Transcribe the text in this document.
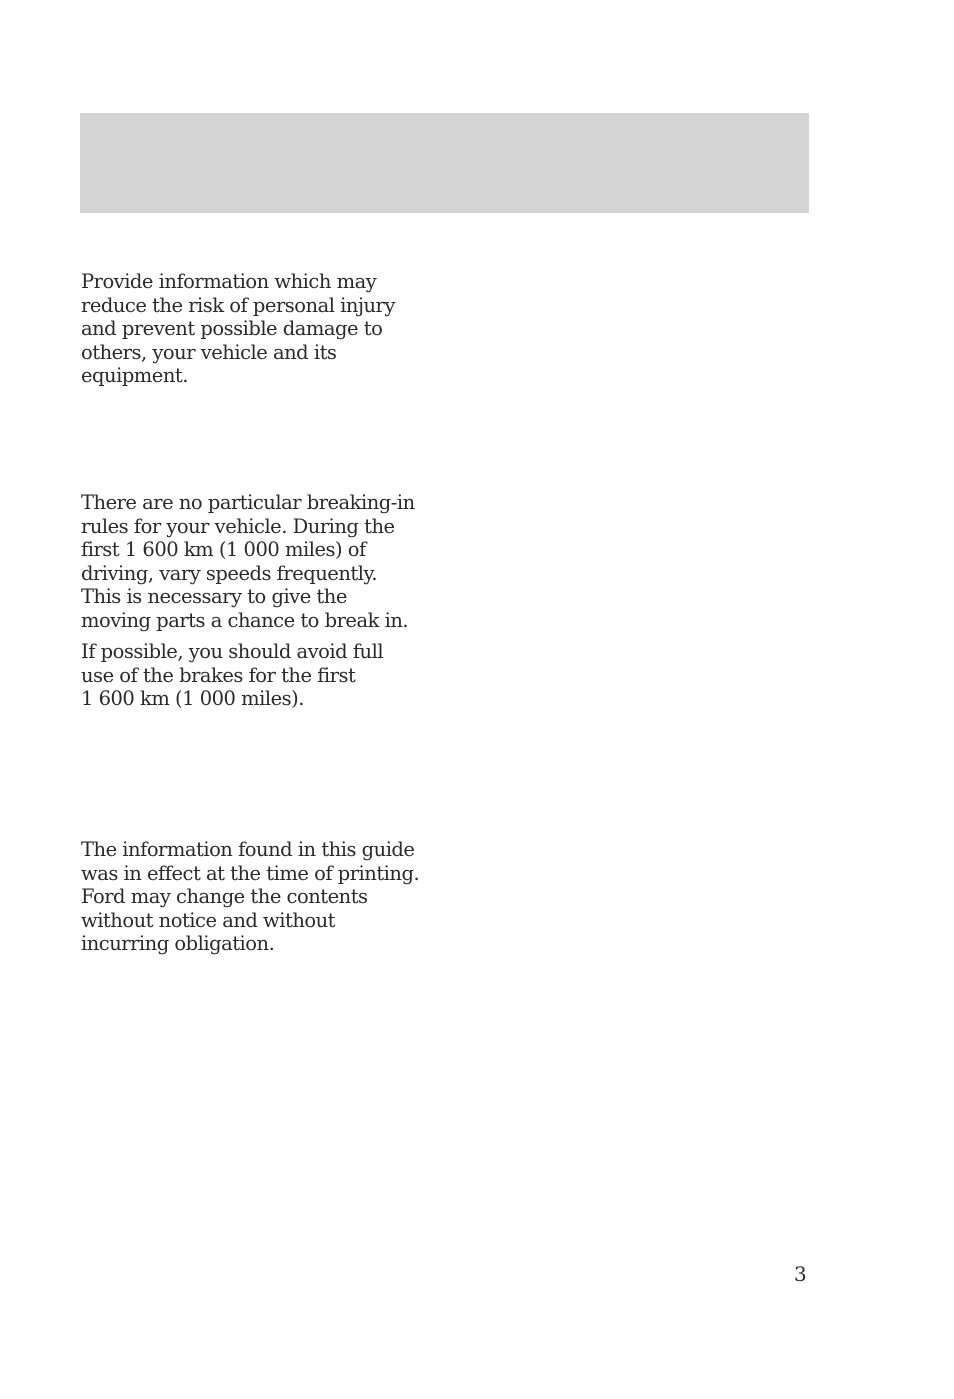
Provide information which may
reduce the risk of personal injury
and prevent possible damage to
others, your vehicle and its
equipment.

There are no particular breaking-in
rules for your vehicle. During the
first 1 600 km (1 000 miles) of
driving, vary speeds frequently.
This is necessary to give the
moving parts a chance to break in.

If possible, you should avoid full
use of the brakes for the first
1 600 km (1 000 miles).

The information found in this guide
was in effect at the time of printing.
Ford may change the contents
without notice and without
incurring obligation.

3
